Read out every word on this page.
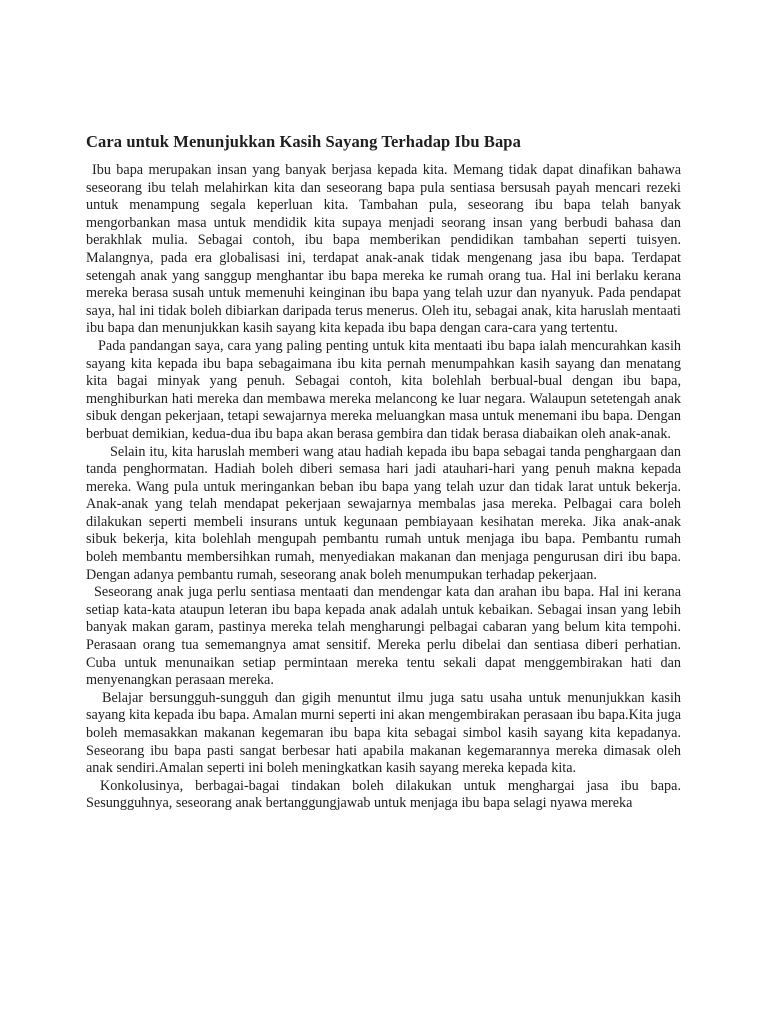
Cara untuk Menunjukkan Kasih Sayang Terhadap Ibu Bapa

Ibu bapa merupakan insan yang banyak berjasa kepada kita. Memang tidak dapat dinafikan bahawa seseorang ibu telah melahirkan kita dan seseorang bapa pula sentiasa bersusah payah mencari rezeki untuk menampung segala keperluan kita. Tambahan pula, seseorang ibu bapa telah banyak mengorbankan masa untuk mendidik kita supaya menjadi seorang insan yang berbudi bahasa dan berakhlak mulia. Sebagai contoh, ibu bapa memberikan pendidikan tambahan seperti tuisyen. Malangnya, pada era globalisasi ini, terdapat anak-anak tidak mengenang jasa ibu bapa. Terdapat setengah anak yang sanggup menghantar ibu bapa mereka ke rumah orang tua. Hal ini berlaku kerana mereka berasa susah untuk memenuhi keinginan ibu bapa yang telah uzur dan nyanyuk. Pada pendapat saya, hal ini tidak boleh dibiarkan daripada terus menerus. Oleh itu, sebagai anak, kita haruslah mentaati ibu bapa dan menunjukkan kasih sayang kita kepada ibu bapa dengan cara-cara yang tertentu.

Pada pandangan saya, cara yang paling penting untuk kita mentaati ibu bapa ialah mencurahkan kasih sayang kita kepada ibu bapa sebagaimana ibu kita pernah menumpahkan kasih sayang dan menatang kita bagai minyak yang penuh. Sebagai contoh, kita bolehlah berbual-bual dengan ibu bapa, menghiburkan hati mereka dan membawa mereka melancong ke luar negara. Walaupun setetengah anak sibuk dengan pekerjaan, tetapi sewajarnya mereka meluangkan masa untuk menemani ibu bapa. Dengan berbuat demikian, kedua-dua ibu bapa akan berasa gembira dan tidak berasa diabaikan oleh anak-anak.

Selain itu, kita haruslah memberi wang atau hadiah kepada ibu bapa sebagai tanda penghargaan dan tanda penghormatan. Hadiah boleh diberi semasa hari jadi atauhari-hari yang penuh makna kepada mereka. Wang pula untuk meringankan beban ibu bapa yang telah uzur dan tidak larat untuk bekerja. Anak-anak yang telah mendapat pekerjaan sewajarnya membalas jasa mereka. Pelbagai cara boleh dilakukan seperti membeli insurans untuk kegunaan pembiayaan kesihatan mereka. Jika anak-anak sibuk bekerja, kita bolehlah mengupah pembantu rumah untuk menjaga ibu bapa. Pembantu rumah boleh membantu membersihkan rumah, menyediakan makanan dan menjaga pengurusan diri ibu bapa. Dengan adanya pembantu rumah, seseorang anak boleh menumpukan terhadap pekerjaan.

Seseorang anak juga perlu sentiasa mentaati dan mendengar kata dan arahan ibu bapa. Hal ini kerana setiap kata-kata ataupun leteran ibu bapa kepada anak adalah untuk kebaikan. Sebagai insan yang lebih banyak makan garam, pastinya mereka telah mengharungi pelbagai cabaran yang belum kita tempohi. Perasaan orang tua sememangnya amat sensitif. Mereka perlu dibelai dan sentiasa diberi perhatian. Cuba untuk menunaikan setiap permintaan mereka tentu sekali dapat menggembirakan hati dan menyenangkan perasaan mereka.

Belajar bersungguh-sungguh dan gigih menuntut ilmu juga satu usaha untuk menunjukkan kasih sayang kita kepada ibu bapa. Amalan murni seperti ini akan mengembirakan perasaan ibu bapa.Kita juga boleh memasakkan makanan kegemaran ibu bapa kita sebagai simbol kasih sayang kita kepadanya. Seseorang ibu bapa pasti sangat berbesar hati apabila makanan kegemarannya mereka dimasak oleh anak sendiri.Amalan seperti ini boleh meningkatkan kasih sayang mereka kepada kita.

Konkolusinya, berbagai-bagai tindakan boleh dilakukan untuk menghargai jasa ibu bapa. Sesungguhnya, seseorang anak bertanggungjawab untuk menjaga ibu bapa selagi nyawa mereka
